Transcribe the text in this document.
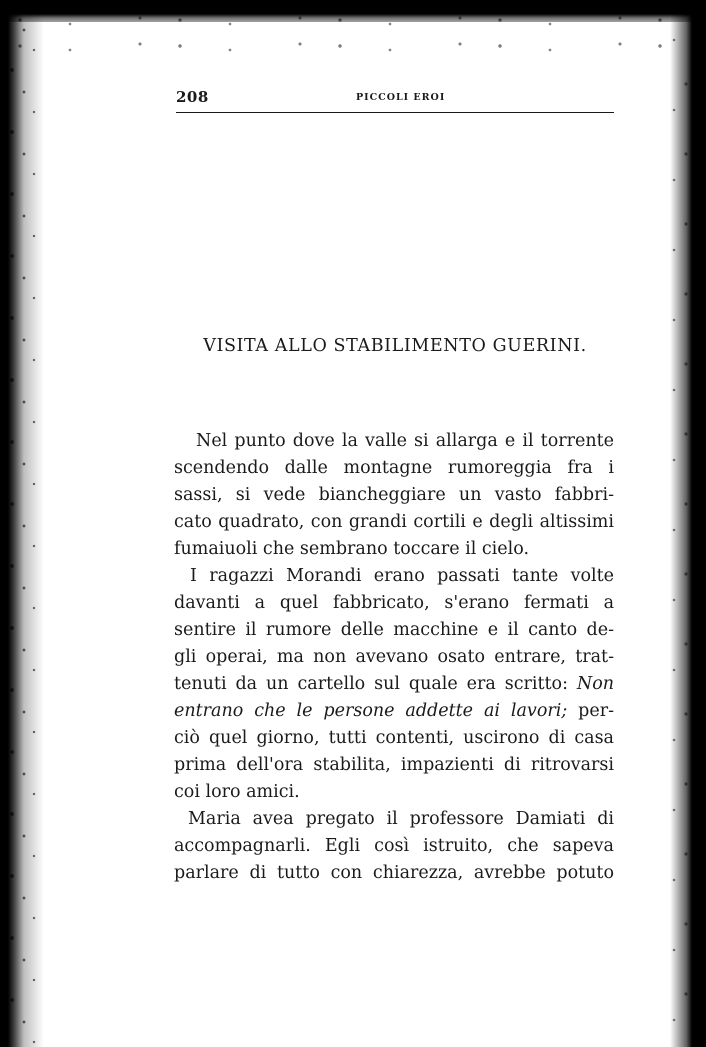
208	PICCOLI EROI
VISITA ALLO STABILIMENTO GUERINI.
Nel punto dove la valle si allarga e il torrente
scendendo dalle montagne rumoreggia fra i
sassi, si vede biancheggiare un vasto fabbri-
cato quadrato, con grandi cortili e degli altissimi
fumaiuoli che sembrano toccare il cielo.
I ragazzi Morandi erano passati tante volte
davanti a quel fabbricato, s'erano fermati a
sentire il rumore delle macchine e il canto de-
gli operai, ma non avevano osato entrare, trat-
tenuti da un cartello sul quale era scritto: Non
entrano che le persone addette ai lavori; per-
ciò quel giorno, tutti contenti, uscirono di casa
prima dell'ora stabilita, impazienti di ritrovarsi
coi loro amici.
Maria avea pregato il professore Damiati di
accompagnarli. Egli così istruito, che sapeva
parlare di tutto con chiarezza, avrebbe potuto
